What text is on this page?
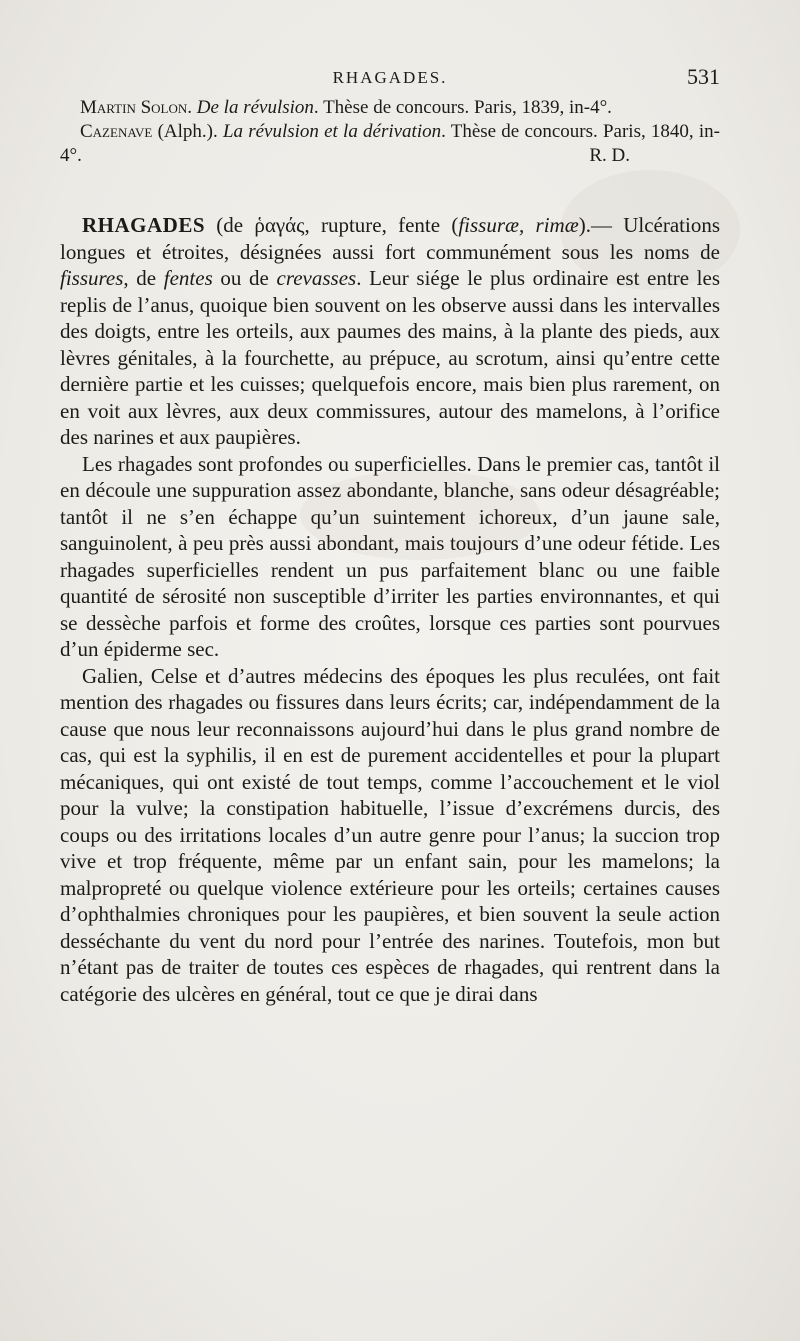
RHAGADES.	531
Martin Solon. De la révulsion. Thèse de concours. Paris, 1839, in-4°.
Cazenave (Alph.). La révulsion et la dérivation. Thèse de concours. Paris, 1840, in-4°.	R. D.

RHAGADES (de ῥαγάς, rupture, fente (fissuræ, rimæ).— Ulcérations longues et étroites, désignées aussi fort communément sous les noms de fissures, de fentes ou de crevasses. Leur siége le plus ordinaire est entre les replis de l’anus, quoique bien souvent on les observe aussi dans les intervalles des doigts, entre les orteils, aux paumes des mains, à la plante des pieds, aux lèvres génitales, à la fourchette, au prépuce, au scrotum, ainsi qu’entre cette dernière partie et les cuisses; quelquefois encore, mais bien plus rarement, on en voit aux lèvres, aux deux commissures, autour des mamelons, à l’orifice des narines et aux paupières.

Les rhagades sont profondes ou superficielles. Dans le premier cas, tantôt il en découle une suppuration assez abondante, blanche, sans odeur désagréable; tantôt il ne s’en échappe qu’un suintement ichoreux, d’un jaune sale, sanguinolent, à peu près aussi abondant, mais toujours d’une odeur fétide. Les rhagades superficielles rendent un pus parfaitement blanc ou une faible quantité de sérosité non susceptible d’irriter les parties environnantes, et qui se dessèche parfois et forme des croûtes, lorsque ces parties sont pourvues d’un épiderme sec.

Galien, Celse et d’autres médecins des époques les plus reculées, ont fait mention des rhagades ou fissures dans leurs écrits; car, indépendamment de la cause que nous leur reconnaissons aujourd’hui dans le plus grand nombre de cas, qui est la syphilis, il en est de purement accidentelles et pour la plupart mécaniques, qui ont existé de tout temps, comme l’accouchement et le viol pour la vulve; la constipation habituelle, l’issue d’excrémens durcis, des coups ou des irritations locales d’un autre genre pour l’anus; la succion trop vive et trop fréquente, même par un enfant sain, pour les mamelons; la malpropreté ou quelque violence extérieure pour les orteils; certaines causes d’ophthalmies chroniques pour les paupières, et bien souvent la seule action desséchante du vent du nord pour l’entrée des narines. Toutefois, mon but n’étant pas de traiter de toutes ces espèces de rhagades, qui rentrent dans la catégorie des ulcères en général, tout ce que je dirai dans
